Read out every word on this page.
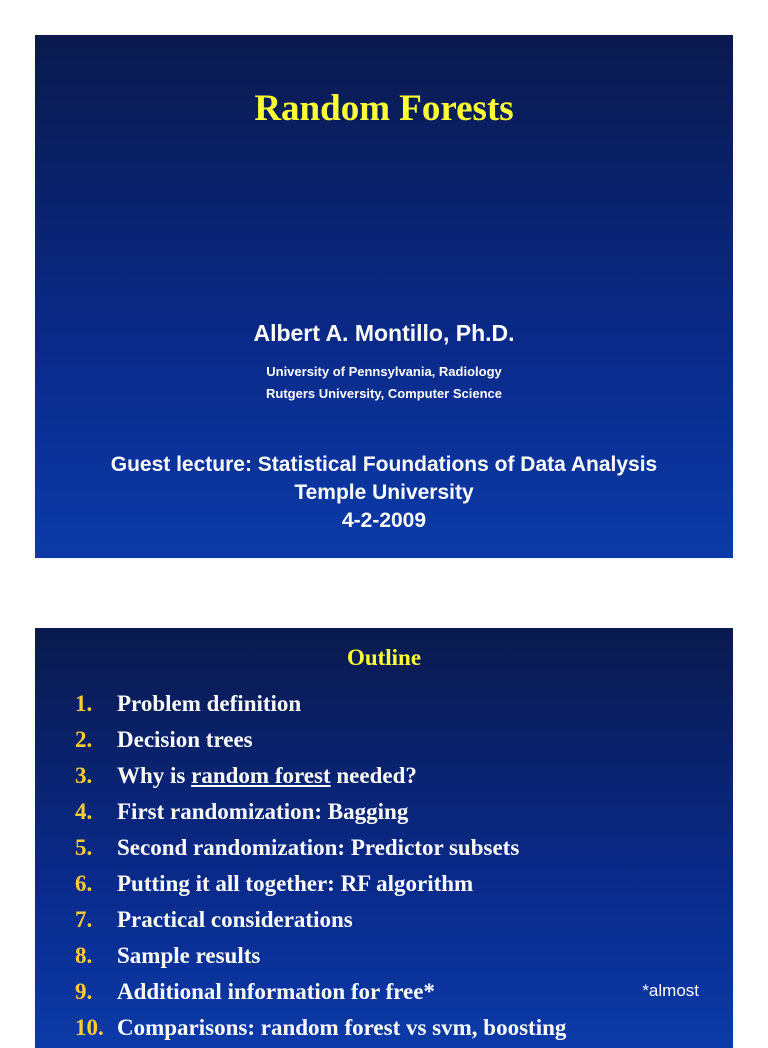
Random Forests
Albert A. Montillo, Ph.D.
University of Pennsylvania, Radiology
Rutgers University, Computer Science
Guest lecture: Statistical Foundations of Data Analysis
Temple University
4-2-2009
Outline
1. Problem definition
2. Decision trees
3. Why is random forest needed?
4. First randomization: Bagging
5. Second randomization: Predictor subsets
6. Putting it all together: RF algorithm
7. Practical considerations
8. Sample results
9. Additional information for free*
10. Comparisons: random forest vs svm, boosting
*almost
